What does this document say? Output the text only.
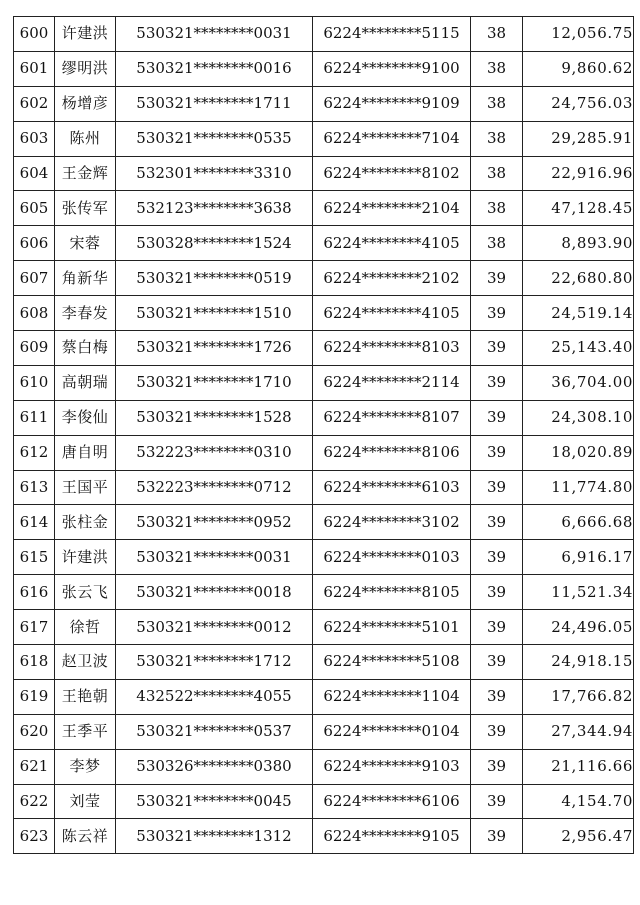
600	许建洪	530321********0031	6224********5115	38	12,056.75
601	缪明洪	530321********0016	6224********9100	38	9,860.62
602	杨增彦	530321********1711	6224********9109	38	24,756.03
603	陈州	530321********0535	6224********7104	38	29,285.91
604	王金辉	532301********3310	6224********8102	38	22,916.96
605	张传军	532123********3638	6224********2104	38	47,128.45
606	宋蓉	530328********1524	6224********4105	38	8,893.90
607	角新华	530321********0519	6224********2102	39	22,680.80
608	李春发	530321********1510	6224********4105	39	24,519.14
609	蔡白梅	530321********1726	6224********8103	39	25,143.40
610	高朝瑞	530321********1710	6224********2114	39	36,704.00
611	李俊仙	530321********1528	6224********8107	39	24,308.10
612	唐自明	532223********0310	6224********8106	39	18,020.89
613	王国平	532223********0712	6224********6103	39	11,774.80
614	张柱金	530321********0952	6224********3102	39	6,666.68
615	许建洪	530321********0031	6224********0103	39	6,916.17
616	张云飞	530321********0018	6224********8105	39	11,521.34
617	徐哲	530321********0012	6224********5101	39	24,496.05
618	赵卫波	530321********1712	6224********5108	39	24,918.15
619	王艳朝	432522********4055	6224********1104	39	17,766.82
620	王季平	530321********0537	6224********0104	39	27,344.94
621	李梦	530326********0380	6224********9103	39	21,116.66
622	刘莹	530321********0045	6224********6106	39	4,154.70
623	陈云祥	530321********1312	6224********9105	39	2,956.47
